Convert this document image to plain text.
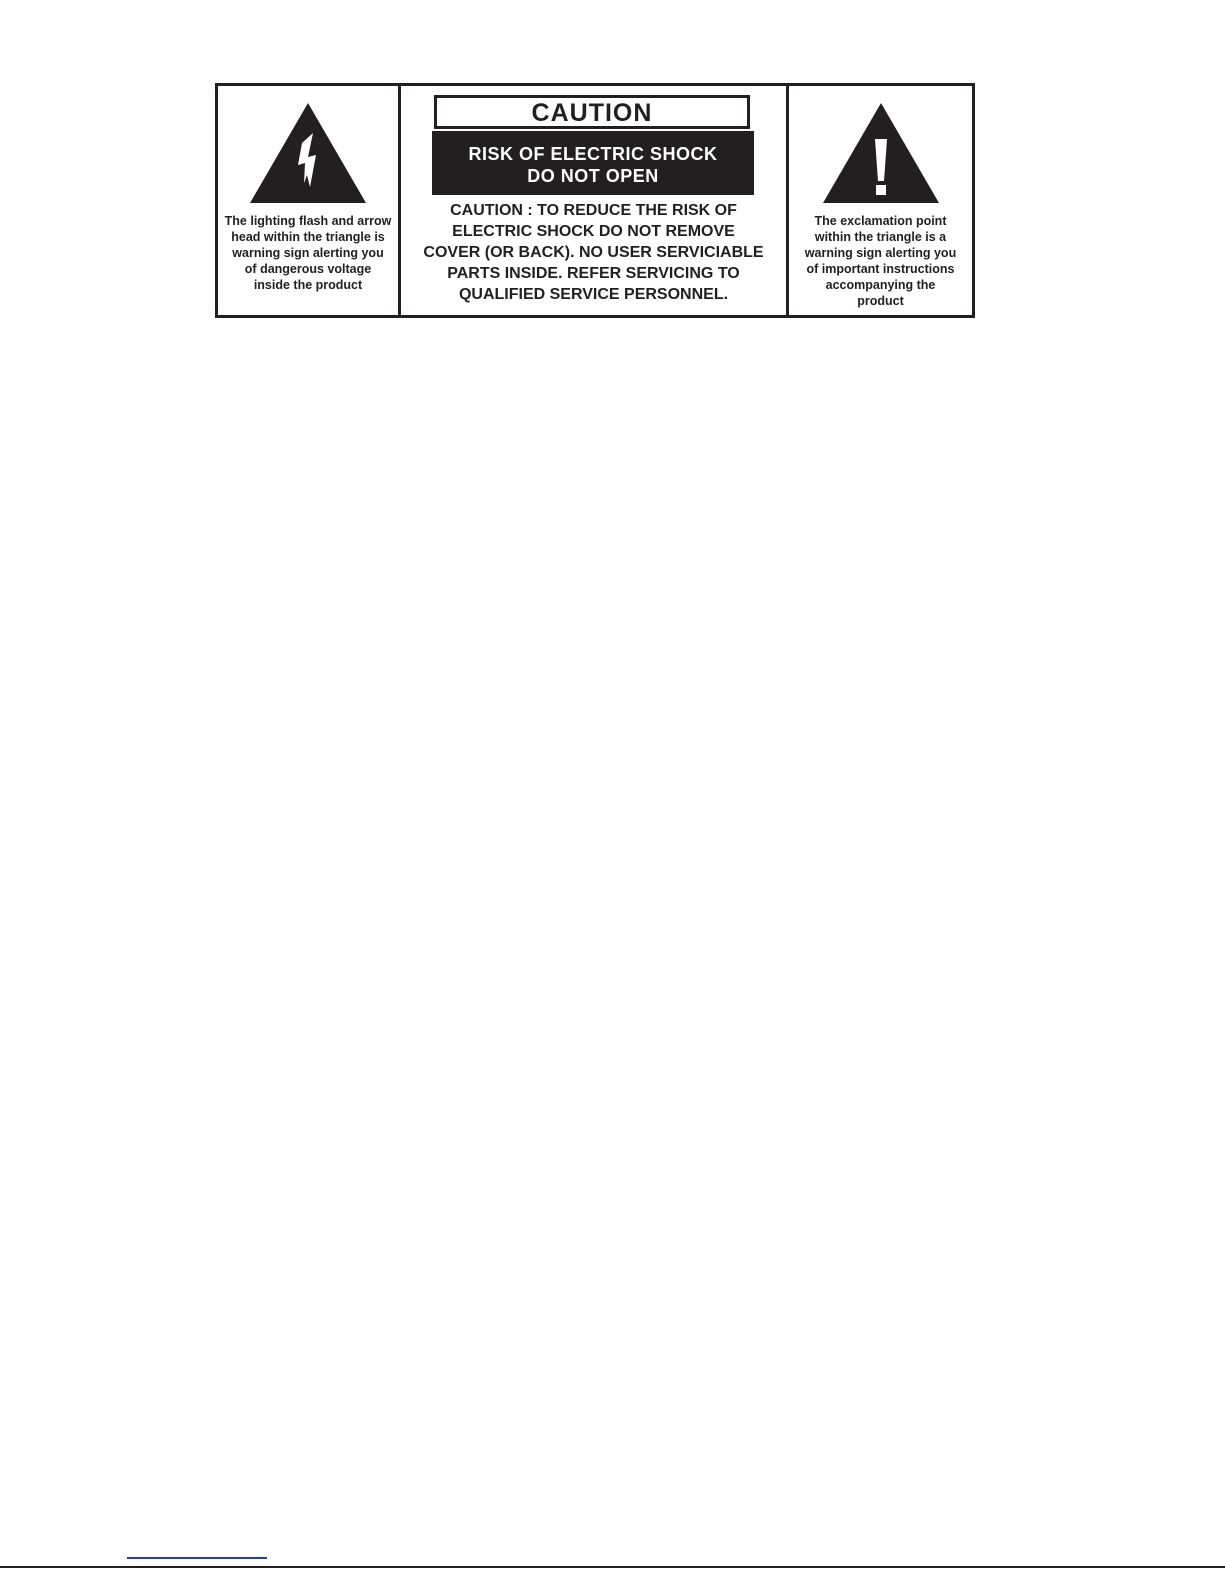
The lighting flash and arrow
head within the triangle is
warning sign alerting you
of dangerous voltage
inside the product
CAUTION
RISK OF ELECTRIC SHOCK
DO NOT OPEN
CAUTION : TO REDUCE THE RISK OF
ELECTRIC SHOCK DO NOT REMOVE
COVER (OR BACK). NO USER SERVICIABLE
PARTS INSIDE. REFER SERVICING TO
QUALIFIED SERVICE PERSONNEL.
The exclamation point
within the triangle is a
warning sign alerting you
of important instructions
accompanying the
product
